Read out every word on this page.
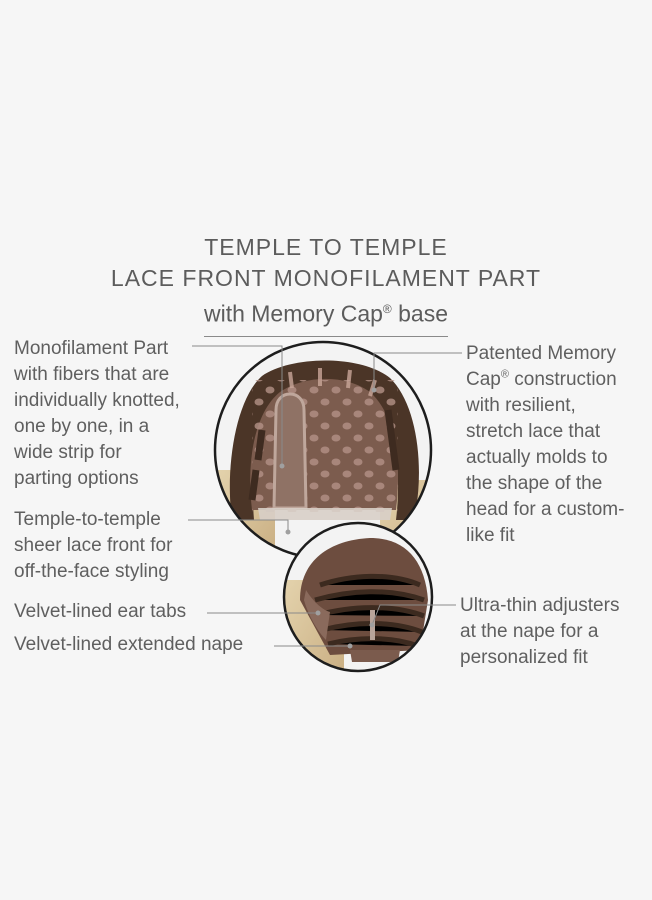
TEMPLE TO TEMPLE
LACE FRONT MONOFILAMENT PART
with Memory Cap® base
Monofilament Part
with fibers that are
individually knotted,
one by one, in a
wide strip for
parting options
Temple-to-temple
sheer lace front for
off-the-face styling
Velvet-lined ear tabs
Velvet-lined extended nape
Patented Memory
Cap® construction
with resilient,
stretch lace that
actually molds to
the shape of the
head for a custom-
like fit
Ultra-thin adjusters
at the nape for a
personalized fit
